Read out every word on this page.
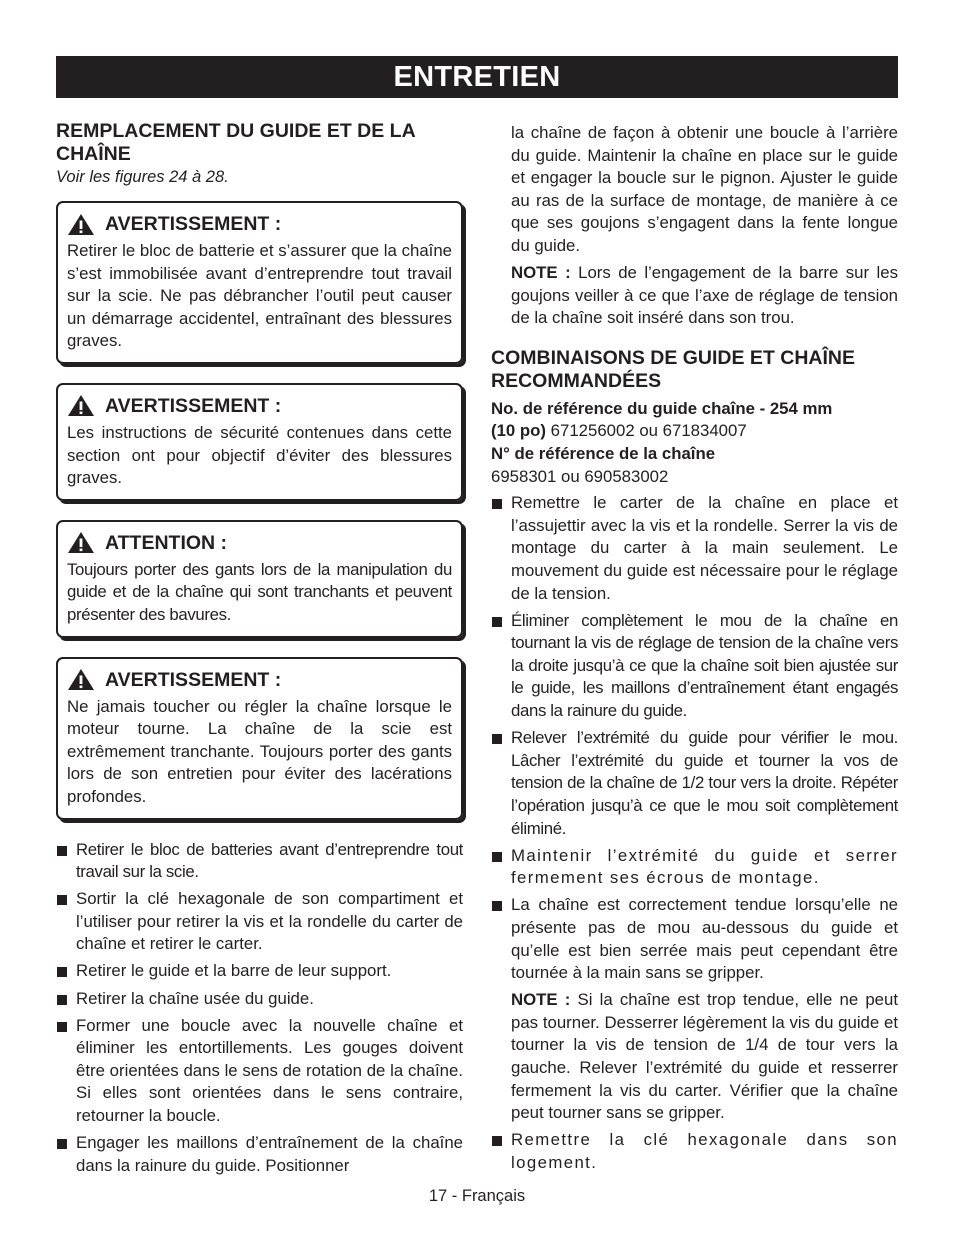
ENTRETIEN
REMPLACEMENT DU GUIDE ET DE LA CHAÎNE

Voir les figures 24 à 28.

AVERTISSEMENT :
Retirer le bloc de batterie et s’assurer que la chaîne s’est immobilisée avant d’entreprendre tout travail sur la scie. Ne pas débrancher l’outil peut causer un démarrage accidentel, entraînant des blessures graves.
AVERTISSEMENT :
Les instructions de sécurité contenues dans cette section ont pour objectif d’éviter des blessures graves.
ATTENTION :
Toujours porter des gants lors de la manipulation du guide et de la chaîne qui sont tranchants et peuvent présenter des bavures.
AVERTISSEMENT :
Ne jamais toucher ou régler la chaîne lorsque le moteur tourne. La chaîne de la scie est extrêmement tranchante. Toujours porter des gants lors de son entretien pour éviter des lacérations profondes.
Retirer le bloc de batteries avant d’entreprendre tout travail sur la scie.
Sortir la clé hexagonale de son compartiment et l’utiliser pour retirer la vis et la rondelle du carter de chaîne et retirer le carter.
Retirer le guide et la barre de leur support.
Retirer la chaîne usée du guide.
Former une boucle avec la nouvelle chaîne et éliminer les entortillements. Les gouges doivent être orientées dans le sens de rotation de la chaîne. Si elles sont orientées dans le sens contraire, retourner la boucle.
Engager les maillons d’entraînement de la chaîne dans la rainure du guide. Positionner

la chaîne de façon à obtenir une boucle à l’arrière du guide. Maintenir la chaîne en place sur le guide et engager la boucle sur le pignon. Ajuster le guide au ras de la surface de montage, de manière à ce que ses goujons s’engagent dans la fente longue du guide.

NOTE : Lors de l’engagement de la barre sur les goujons veiller à ce que l’axe de réglage de tension de la chaîne soit inséré dans son trou.

COMBINAISONS DE GUIDE ET CHAÎNE RECOMMANDÉES

No. de référence du guide chaîne - 254 mm

(10 po) 671256002 ou 671834007

N° de référence de la chaîne

6958301 ou 690583002

Remettre le carter de la chaîne en place et l’assujettir avec la vis et la rondelle. Serrer la vis de montage du carter à la main seulement. Le mouvement du guide est nécessaire pour le réglage de la tension.
Éliminer complètement le mou de la chaîne en tournant la vis de réglage de tension de la chaîne vers la droite jusqu’à ce que la chaîne soit bien ajustée sur le guide, les maillons d’entraînement étant engagés dans la rainure du guide.
Relever l’extrémité du guide pour vérifier le mou. Lâcher l’extrémité du guide et tourner la vos de tension de la chaîne de 1/2 tour vers la droite. Répéter l’opération jusqu’à ce que le mou soit complètement éliminé.
Maintenir l’extrémité du guide et serrer fermement ses écrous de montage.
La chaîne est correctement tendue lorsqu’elle ne présente pas de mou au-dessous du guide et qu’elle est bien serrée mais peut cependant être tournée à la main sans se gripper.

NOTE : Si la chaîne est trop tendue, elle ne peut pas tourner. Desserrer légèrement la vis du guide et tourner la vis de tension de 1/4 de tour vers la gauche. Relever l’extrémité du guide et resserrer fermement la vis du carter. Vérifier que la chaîne peut tourner sans se gripper.

Remettre la clé hexagonale dans son logement.
17 - Français
